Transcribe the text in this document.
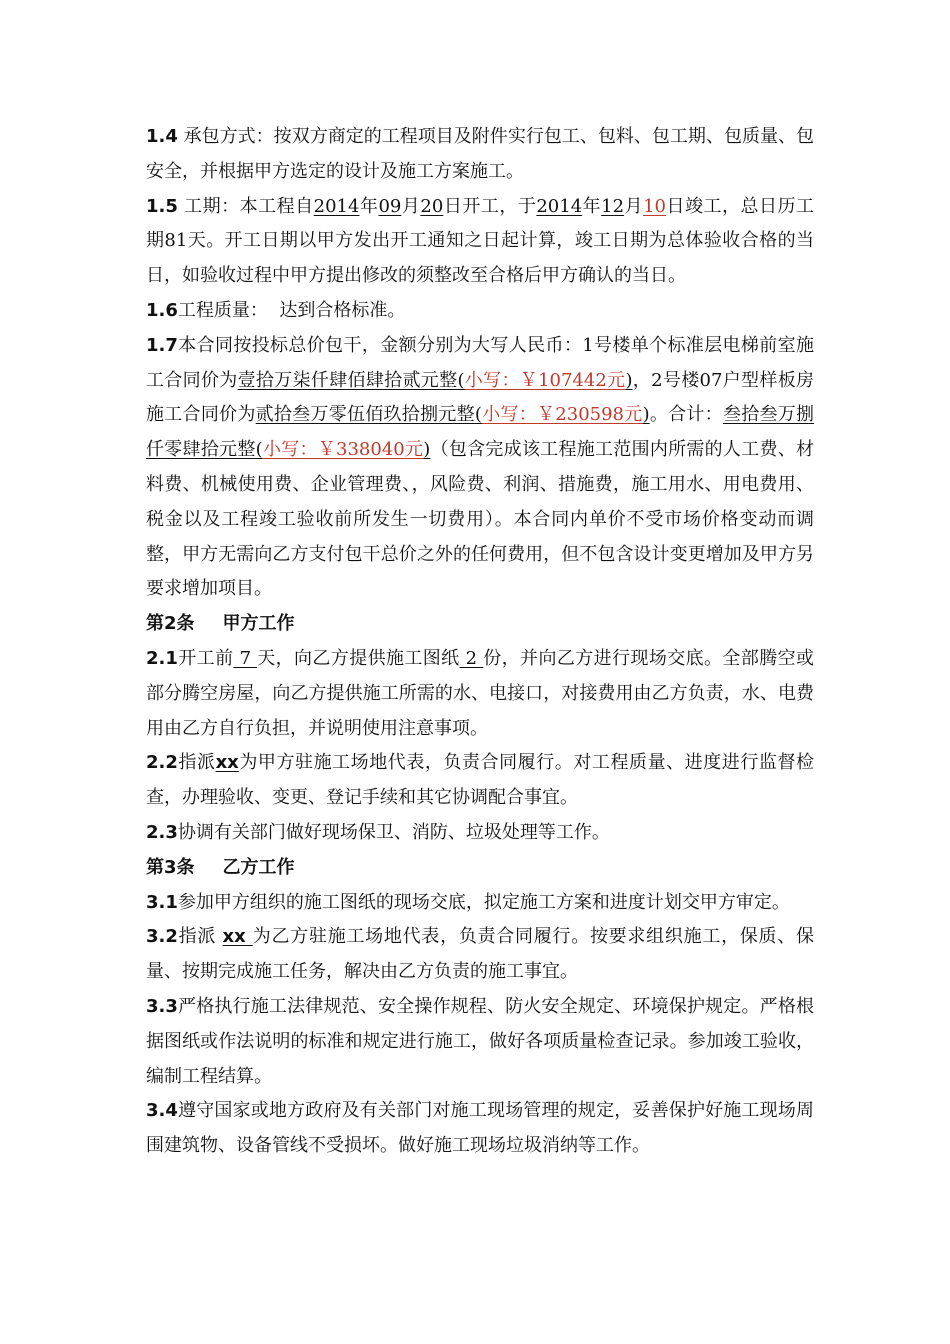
1.4 承包方式：按双方商定的工程项目及附件实行包工、包料、包工期、包质量、包安全，并根据甲方选定的设计及施工方案施工。

1.5 工期：本工程自2014年09月20日开工，于2014年12月10日竣工，总日历工期81天。开工日期以甲方发出开工通知之日起计算，竣工日期为总体验收合格的当日，如验收过程中甲方提出修改的须整改至合格后甲方确认的当日。

1.6工程质量：  达到合格标准。

1.7本合同按投标总价包干，金额分别为大写人民币：1号楼单个标准层电梯前室施工合同价为壹拾万柒仟肆佰肆拾贰元整(小写：￥107442元)，2号楼07户型样板房施工合同价为贰拾叁万零伍佰玖拾捌元整(小写：￥230598元)。合计：叁拾叁万捌仟零肆拾元整(小写：￥338040元)（包含完成该工程施工范围内所需的人工费、材料费、机械使用费、企业管理费、，风险费、利润、措施费，施工用水、用电费用、税金以及工程竣工验收前所发生一切费用）。本合同内单价不受市场价格变动而调整，甲方无需向乙方支付包干总价之外的任何费用，但不包含设计变更增加及甲方另要求增加项目。

第2条 甲方工作

2.1开工前 7 天，向乙方提供施工图纸 2 份，并向乙方进行现场交底。全部腾空或部分腾空房屋，向乙方提供施工所需的水、电接口，对接费用由乙方负责，水、电费用由乙方自行负担，并说明使用注意事项。

2.2指派xx为甲方驻施工场地代表，负责合同履行。对工程质量、进度进行监督检查，办理验收、变更、登记手续和其它协调配合事宜。

2.3协调有关部门做好现场保卫、消防、垃圾处理等工作。

第3条 乙方工作

3.1参加甲方组织的施工图纸的现场交底，拟定施工方案和进度计划交甲方审定。

3.2指派 xx 为乙方驻施工场地代表，负责合同履行。按要求组织施工，保质、保量、按期完成施工任务，解决由乙方负责的施工事宜。

3.3严格执行施工法律规范、安全操作规程、防火安全规定、环境保护规定。严格根据图纸或作法说明的标准和规定进行施工，做好各项质量检查记录。参加竣工验收，编制工程结算。

3.4遵守国家或地方政府及有关部门对施工现场管理的规定，妥善保护好施工现场周围建筑物、设备管线不受损坏。做好施工现场垃圾消纳等工作。
